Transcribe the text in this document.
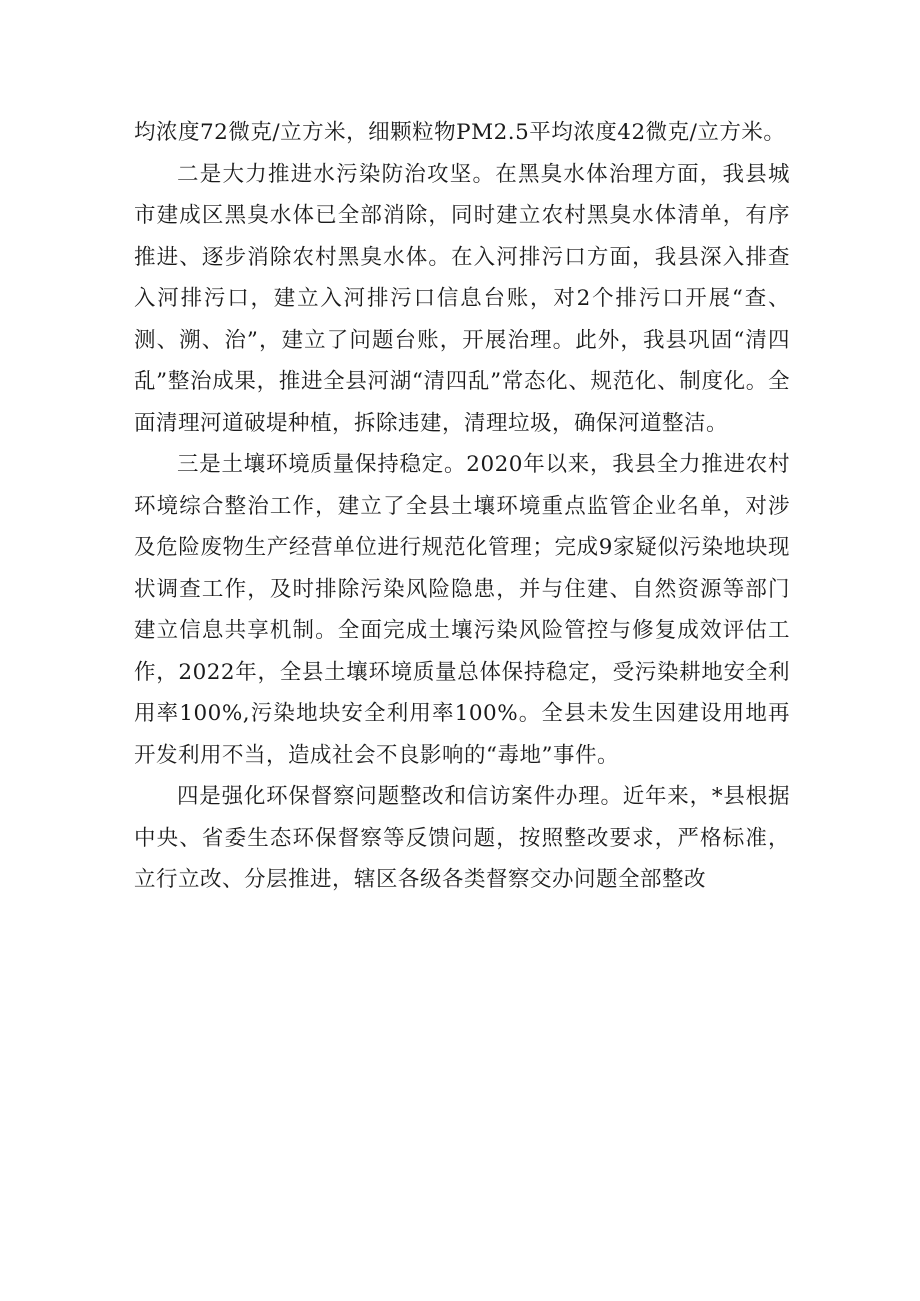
均浓度72微克/立方米，细颗粒物PM2.5平均浓度42微克/立方米。

二是大力推进水污染防治攻坚。在黑臭水体治理方面，我县城市建成区黑臭水体已全部消除，同时建立农村黑臭水体清单，有序推进、逐步消除农村黑臭水体。在入河排污口方面，我县深入排查入河排污口，建立入河排污口信息台账，对2个排污口开展“查、测、溯、治”，建立了问题台账，开展治理。此外，我县巩固“清四乱”整治成果，推进全县河湖“清四乱”常态化、规范化、制度化。全面清理河道破堤种植，拆除违建，清理垃圾，确保河道整洁。

三是土壤环境质量保持稳定。2020年以来，我县全力推进农村环境综合整治工作，建立了全县土壤环境重点监管企业名单，对涉及危险废物生产经营单位进行规范化管理；完成9家疑似污染地块现状调查工作，及时排除污染风险隐患，并与住建、自然资源等部门建立信息共享机制。全面完成土壤污染风险管控与修复成效评估工作，2022年，全县土壤环境质量总体保持稳定，受污染耕地安全利用率100%,污染地块安全利用率100%。全县未发生因建设用地再开发利用不当，造成社会不良影响的“毒地”事件。

四是强化环保督察问题整改和信访案件办理。近年来，*县根据中央、省委生态环保督察等反馈问题，按照整改要求，严格标准，立行立改、分层推进，辖区各级各类督察交办问题全部整改
